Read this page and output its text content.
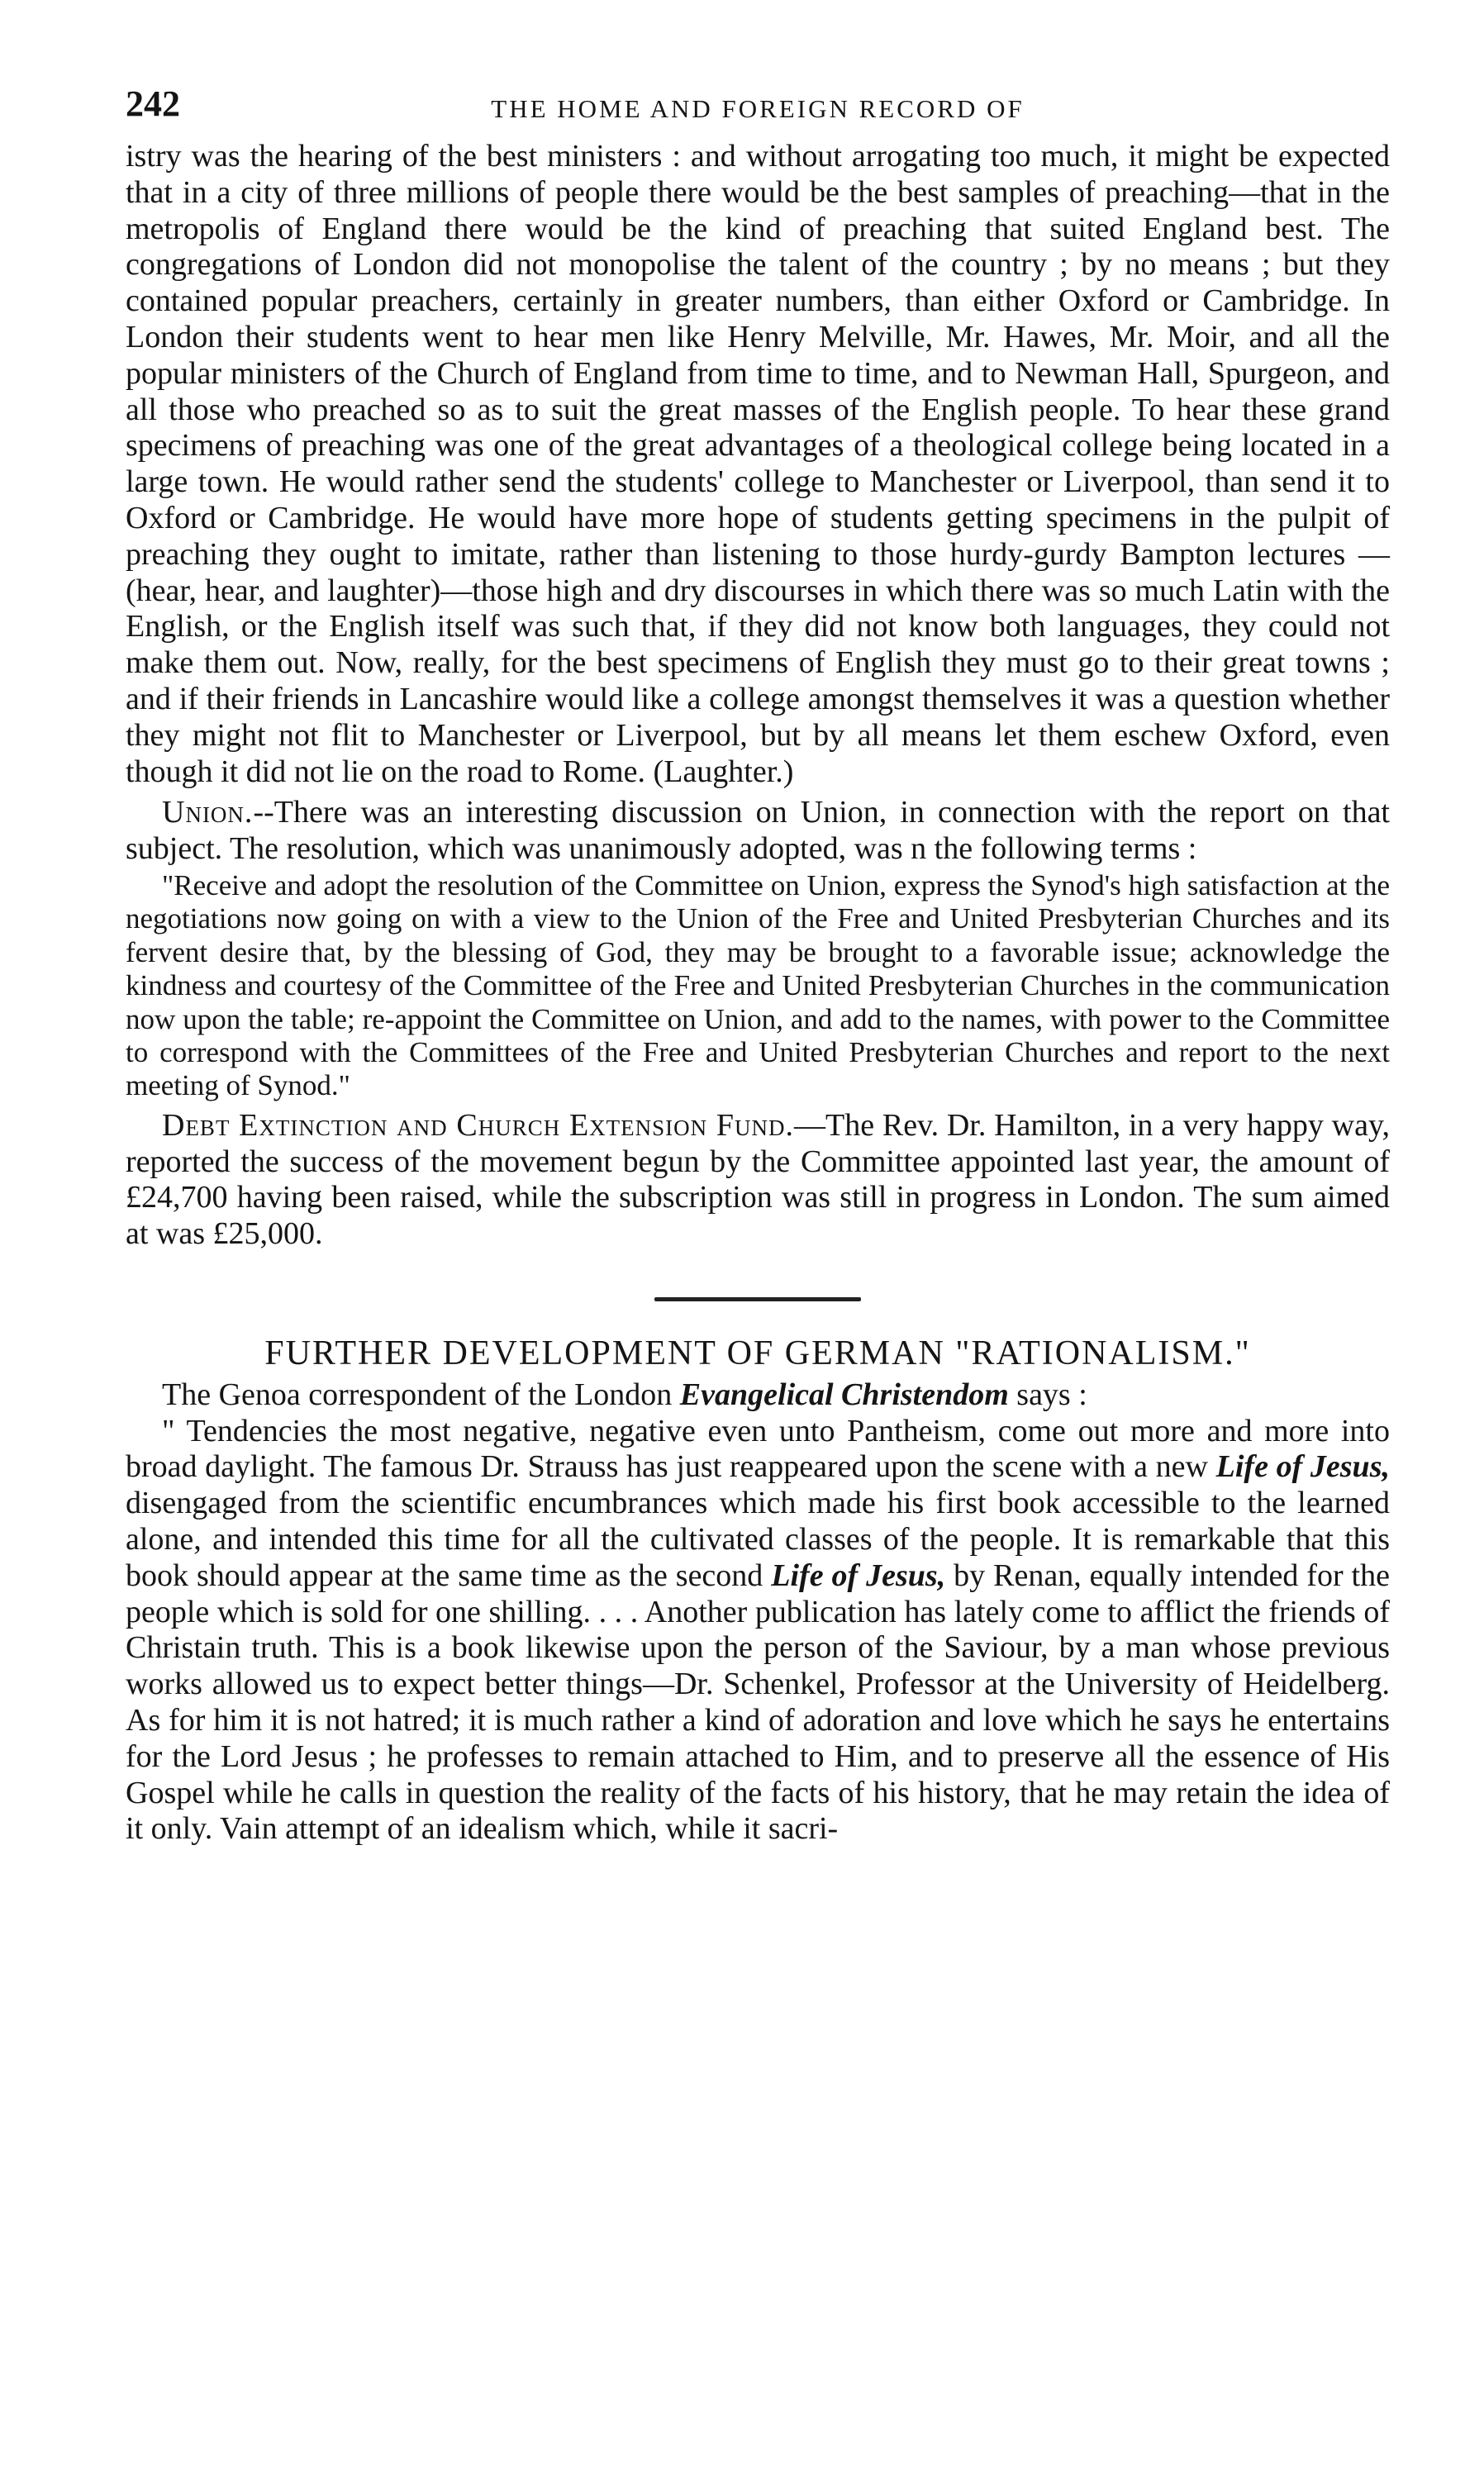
242	THE HOME AND FOREIGN RECORD OF

istry was the hearing of the best ministers : and without arrogating too much, it might be expected that in a city of three millions of people there would be the best samples of preaching—that in the metropolis of England there would be the kind of preaching that suited England best. The congregations of London did not monopolise the talent of the country ; by no means ; but they contained popular preachers, certainly in greater numbers, than either Oxford or Cambridge. In London their students went to hear men like Henry Melville, Mr. Hawes, Mr. Moir, and all the popular ministers of the Church of England from time to time, and to Newman Hall, Spurgeon, and all those who preached so as to suit the great masses of the English people. To hear these grand specimens of preaching was one of the great advantages of a theological college being located in a large town. He would rather send the students' college to Manchester or Liverpool, than send it to Oxford or Cambridge. He would have more hope of students getting specimens in the pulpit of preaching they ought to imitate, rather than listening to those hurdy-gurdy Bampton lectures —(hear, hear, and laughter)—those high and dry discourses in which there was so much Latin with the English, or the English itself was such that, if they did not know both languages, they could not make them out. Now, really, for the best specimens of English they must go to their great towns ; and if their friends in Lancashire would like a college amongst themselves it was a question whether they might not flit to Manchester or Liverpool, but by all means let them eschew Oxford, even though it did not lie on the road to Rome. (Laughter.)

Union.--There was an interesting discussion on Union, in connection with the report on that subject. The resolution, which was unanimously adopted, was n the following terms :

"Receive and adopt the resolution of the Committee on Union, express the Synod's high satisfaction at the negotiations now going on with a view to the Union of the Free and United Presbyterian Churches and its fervent desire that, by the blessing of God, they may be brought to a favorable issue; acknowledge the kindness and courtesy of the Committee of the Free and United Presbyterian Churches in the communication now upon the table; re-appoint the Committee on Union, and add to the names, with power to the Committee to correspond with the Committees of the Free and United Presbyterian Churches and report to the next meeting of Synod."

Debt Extinction and Church Extension Fund.—The Rev. Dr. Hamilton, in a very happy way, reported the success of the movement begun by the Committee appointed last year, the amount of £24,700 having been raised, while the subscription was still in progress in London. The sum aimed at was £25,000.

FURTHER DEVELOPMENT OF GERMAN "RATIONALISM."

The Genoa correspondent of the London Evangelical Christendom says :

" Tendencies the most negative, negative even unto Pantheism, come out more and more into broad daylight. The famous Dr. Strauss has just reappeared upon the scene with a new Life of Jesus, disengaged from the scientific encumbrances which made his first book accessible to the learned alone, and intended this time for all the cultivated classes of the people. It is remarkable that this book should appear at the same time as the second Life of Jesus, by Renan, equally intended for the people which is sold for one shilling. . . . Another publication has lately come to afflict the friends of Christain truth. This is a book likewise upon the person of the Saviour, by a man whose previous works allowed us to expect better things—Dr. Schenkel, Professor at the University of Heidelberg. As for him it is not hatred; it is much rather a kind of adoration and love which he says he entertains for the Lord Jesus ; he professes to remain attached to Him, and to preserve all the essence of His Gospel while he calls in question the reality of the facts of his history, that he may retain the idea of it only. Vain attempt of an idealism which, while it sacri-
